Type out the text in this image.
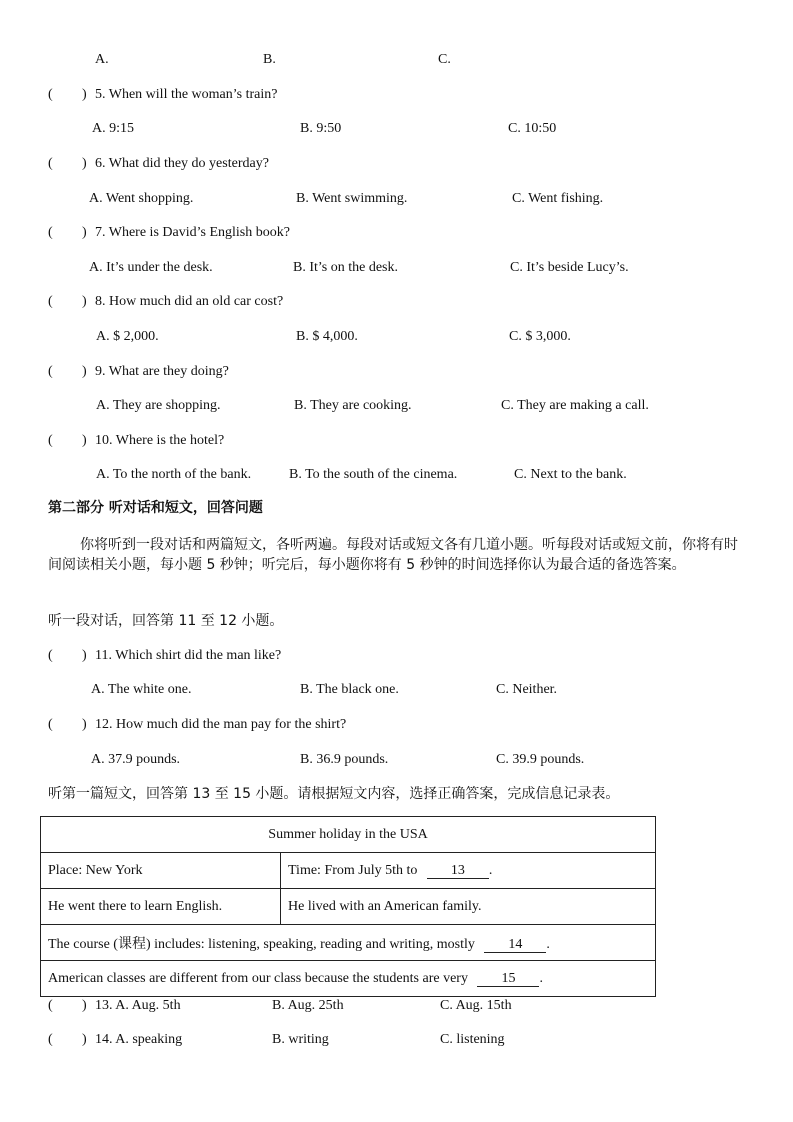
A.	B.	C.
( ) 5. When will the woman’s train?
A. 9:15	B. 9:50	C. 10:50
( ) 6. What did they do yesterday?
A. Went shopping.	B. Went swimming.	C. Went fishing.
( ) 7. Where is David’s English book?
A. It’s under the desk.	B. It’s on the desk.	C. It’s beside Lucy’s.
( ) 8. How much did an old car cost?
A. $ 2,000.	B. $ 4,000.	C. $ 3,000.
( ) 9. What are they doing?
A. They are shopping.	B. They are cooking.	C. They are making a call.
( ) 10. Where is the hotel?
A. To the north of the bank.	B. To the south of the cinema.	C. Next to the bank.
第二部分 听对话和短文，回答问题
你将听到一段对话和两篇短文，各听两遍。每段对话或短文各有几道小题。听每段对话或短文前，你将有时间阅读相关小题，每小题 5 秒钟；听完后，每小题你将有 5 秒钟的时间选择你认为最合适的备选答案。
听一段对话，回答第 11 至 12 小题。
( ) 11. Which shirt did the man like?
A. The white one.	B. The black one.	C. Neither.
( ) 12. How much did the man pay for the shirt?
A. 37.9 pounds.	B. 36.9 pounds.	C. 39.9 pounds.
听第一篇短文，回答第 13 至 15 小题。请根据短文内容，选择正确答案，完成信息记录表。
Summer holiday in the USA	
Place: New York	Time: From July 5th to 13 .
He went there to learn English.	He lived with an American family.
The course (课程) includes: listening, speaking, reading and writing, mostly 14 .	
American classes are different from our class because the students are very 15 .	
( ) 13. A. Aug. 5th	B. Aug. 25th	C. Aug. 15th
( ) 14. A. speaking	B. writing	C. listening
